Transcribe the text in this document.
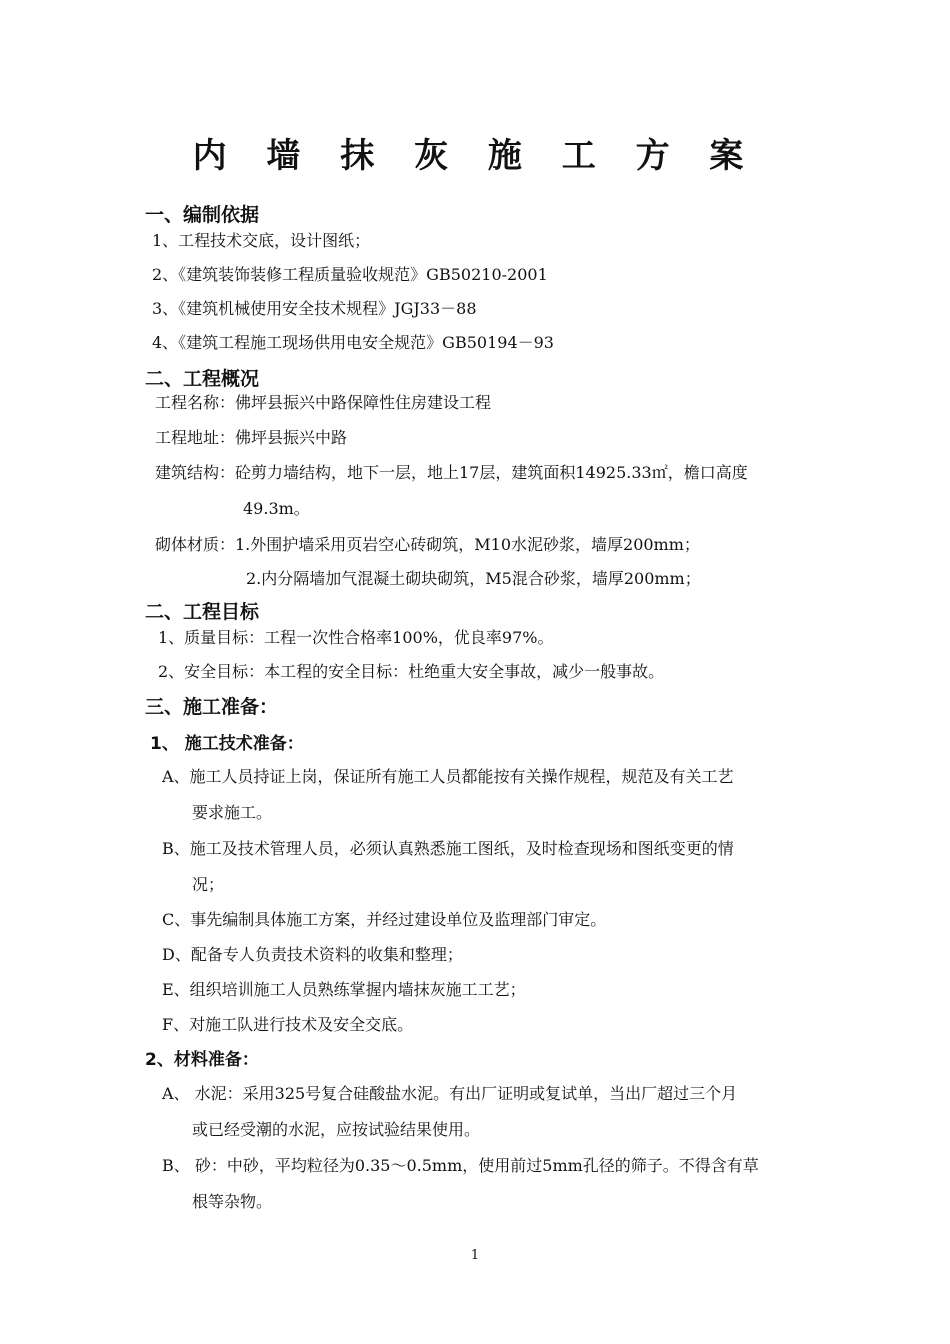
内 墙 抹 灰 施 工 方 案
一、编制依据
1、工程技术交底，设计图纸；
2、《建筑装饰装修工程质量验收规范》GB50210-2001
3、《建筑机械使用安全技术规程》JGJ33－88
4、《建筑工程施工现场供用电安全规范》GB50194－93
二、工程概况
工程名称：佛坪县振兴中路保障性住房建设工程
工程地址：佛坪县振兴中路
建筑结构：砼剪力墙结构，地下一层，地上17层，建筑面积14925.33㎡，檐口高度
49.3m。
砌体材质：1.外围护墙采用页岩空心砖砌筑，M10水泥砂浆，墙厚200mm；
2.内分隔墙加气混凝土砌块砌筑，M5混合砂浆，墙厚200mm；
二、工程目标
1、质量目标：工程一次性合格率100%，优良率97%。
2、安全目标：本工程的安全目标：杜绝重大安全事故，减少一般事故。
三、施工准备：
1、 施工技术准备：
A、施工人员持证上岗，保证所有施工人员都能按有关操作规程，规范及有关工艺
要求施工。
B、施工及技术管理人员，必须认真熟悉施工图纸，及时检查现场和图纸变更的情
况；
C、事先编制具体施工方案，并经过建设单位及监理部门审定。
D、配备专人负责技术资料的收集和整理；
E、组织培训施工人员熟练掌握内墙抹灰施工工艺；
F、对施工队进行技术及安全交底。
2、材料准备：
A、 水泥：采用325号复合硅酸盐水泥。有出厂证明或复试单，当出厂超过三个月
或已经受潮的水泥，应按试验结果使用。
B、 砂：中砂，平均粒径为0.35～0.5mm，使用前过5mm孔径的筛子。不得含有草
根等杂物。
1
